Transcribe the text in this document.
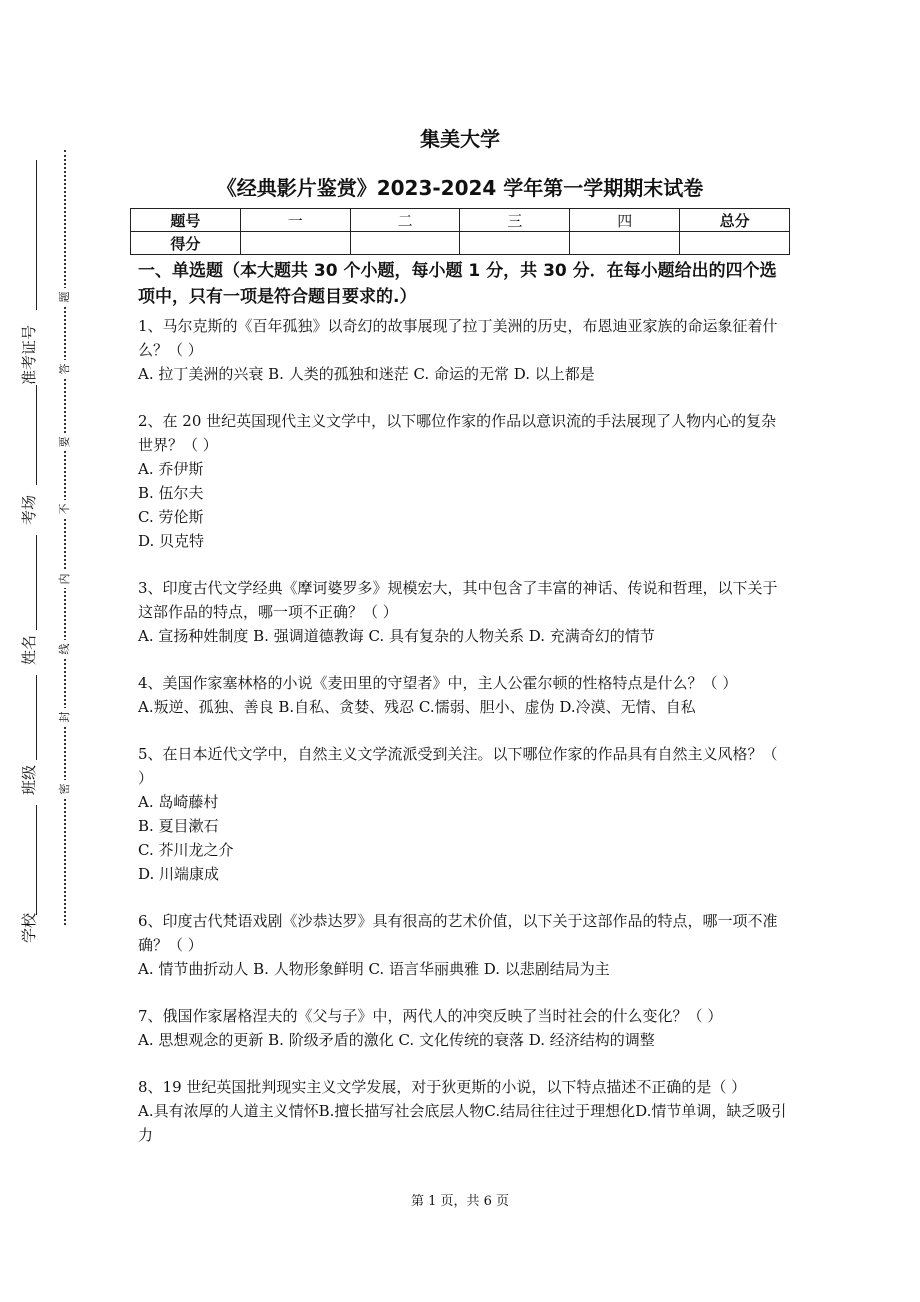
准考证号
考场
姓名
班级
学校
题
答
要
不
内
线
封
密
集美大学
《经典影片鉴赏》2023-2024 学年第一学期期末试卷
题号	一	二	三	四	总分
得分					
一、单选题（本大题共 30 个小题，每小题 1 分，共 30 分．在每小题给出的四个选项中，只有一项是符合题目要求的.）

1、马尔克斯的《百年孤独》以奇幻的故事展现了拉丁美洲的历史，布恩迪亚家族的命运象征着什么？（ ）

A. 拉丁美洲的兴衰 B. 人类的孤独和迷茫 C. 命运的无常 D. 以上都是

2、在 20 世纪英国现代主义文学中，以下哪位作家的作品以意识流的手法展现了人物内心的复杂世界？（ ）

A. 乔伊斯

B. 伍尔夫

C. 劳伦斯

D. 贝克特

3、印度古代文学经典《摩诃婆罗多》规模宏大，其中包含了丰富的神话、传说和哲理，以下关于这部作品的特点，哪一项不正确？（ ）

A. 宣扬种姓制度 B. 强调道德教诲 C. 具有复杂的人物关系 D. 充满奇幻的情节

4、美国作家塞林格的小说《麦田里的守望者》中，主人公霍尔顿的性格特点是什么？（ ）

A.叛逆、孤独、善良 B.自私、贪婪、残忍 C.懦弱、胆小、虚伪 D.冷漠、无情、自私

5、在日本近代文学中，自然主义文学流派受到关注。以下哪位作家的作品具有自然主义风格？（ ）

A. 岛崎藤村

B. 夏目漱石

C. 芥川龙之介

D. 川端康成

6、印度古代梵语戏剧《沙恭达罗》具有很高的艺术价值，以下关于这部作品的特点，哪一项不准确？（ ）

A. 情节曲折动人 B. 人物形象鲜明 C. 语言华丽典雅 D. 以悲剧结局为主

7、俄国作家屠格涅夫的《父与子》中，两代人的冲突反映了当时社会的什么变化？（ ）

A. 思想观念的更新 B. 阶级矛盾的激化 C. 文化传统的衰落 D. 经济结构的调整

8、19 世纪英国批判现实主义文学发展，对于狄更斯的小说，以下特点描述不正确的是（ ）

A.具有浓厚的人道主义情怀B.擅长描写社会底层人物C.结局往往过于理想化D.情节单调，缺乏吸引力

第 1 页，共 6 页
